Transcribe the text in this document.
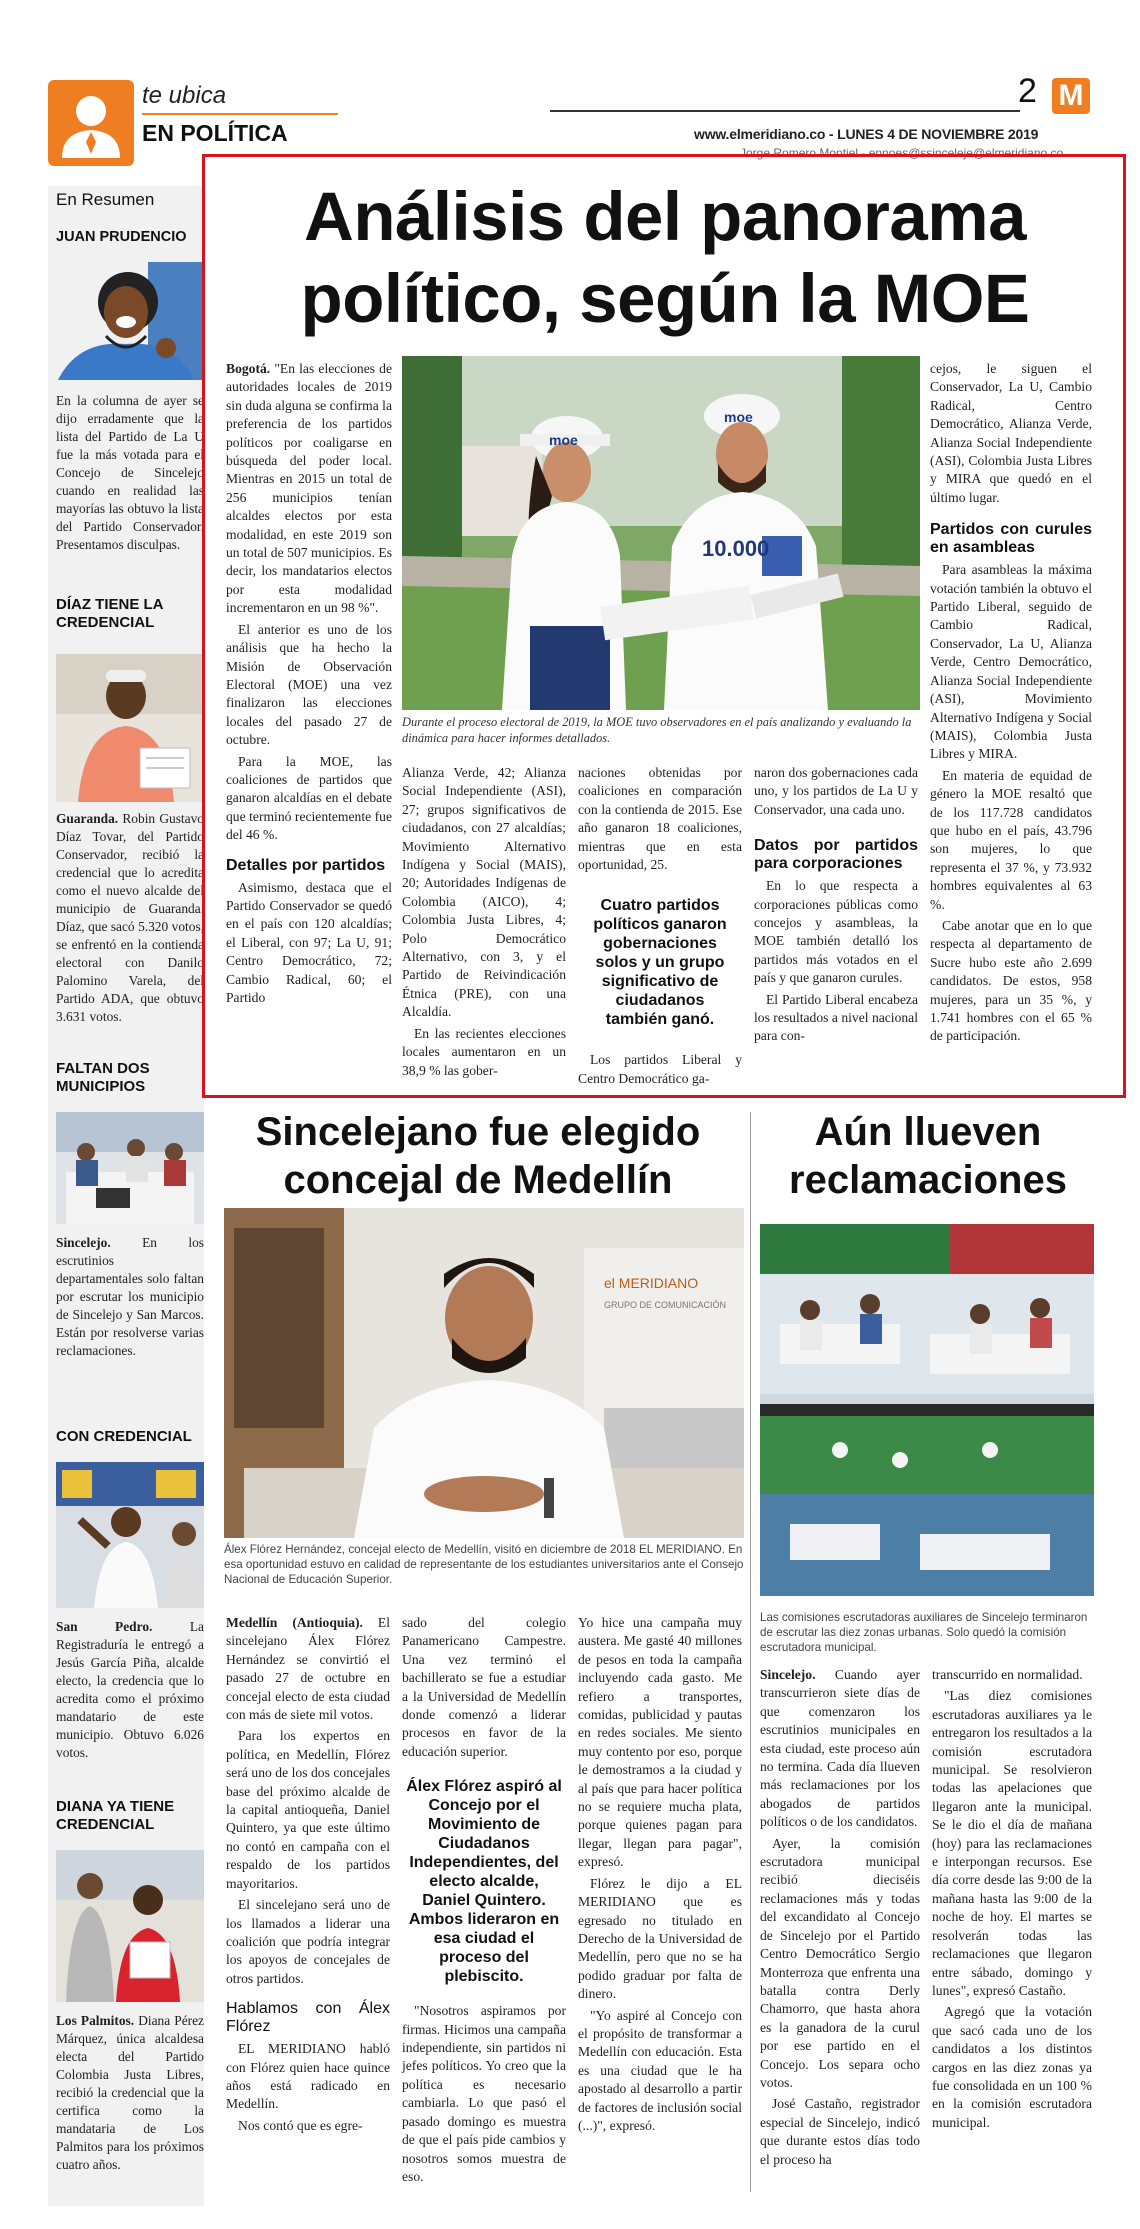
te ubica
EN POLÍTICA
2 M
www.elmeridiano.co - LUNES 4 DE NOVIEMBRE 2019
Jorge Romero Montiel - ennoes@ssinceleje@elmeridiano.co
En Resumen
JUAN PRUDENCIO
En la columna de ayer se dijo erradamente que la lista del Partido de La U fue la más votada para el Concejo de Sincelejo cuando en realidad las mayorías las obtuvo la lista del Partido Conservador. Presentamos disculpas.
DÍAZ TIENE LA CREDENCIAL
Guaranda. Robin Gustavo Díaz Tovar, del Partido Conservador, recibió la credencial que lo acredita como el nuevo alcalde del municipio de Guaranda. Díaz, que sacó 5.320 votos, se enfrentó en la contienda electoral con Danilo Palomino Varela, del Partido ADA, que obtuvo 3.631 votos.
FALTAN DOS MUNICIPIOS
Sincelejo. En los escrutinios departamentales solo faltan por escrutar los municipio de Sincelejo y San Marcos. Están por resolverse varias reclamaciones.
CON CREDENCIAL
San Pedro. La Registraduría le entregó a Jesús García Piña, alcalde electo, la credencia que lo acredita como el próximo mandatario de este municipio. Obtuvo 6.026 votos.
DIANA YA TIENE CREDENCIAL
Los Palmitos. Diana Pérez Márquez, única alcaldesa electa del Partido Colombia Justa Libres, recibió la credencial que la certifica como la mandataria de Los Palmitos para los próximos cuatro años.
Análisis del panorama
político, según la MOE
moe
moe
10.000
Durante el proceso electoral de 2019, la MOE tuvo observadores en el país analizando y evaluando la dinámica para hacer informes detallados.

Bogotá. "En las elecciones de autoridades locales de 2019 sin duda alguna se confirma la preferencia de los partidos políticos por coaligarse en búsqueda del poder local. Mientras en 2015 un total de 256 municipios tenían alcaldes electos por esta modalidad, en este 2019 son un total de 507 municipios. Es decir, los mandatarios electos por esta modalidad incrementaron en un 98 %".

El anterior es uno de los análisis que ha hecho la Misión de Observación Electoral (MOE) una vez finalizaron las elecciones locales del pasado 27 de octubre.

Para la MOE, las coaliciones de partidos que ganaron alcaldías en el debate que terminó recientemente fue del 46 %.

Detalles por partidos

Asimismo, destaca que el Partido Conservador se quedó en el país con 120 alcaldías; el Liberal, con 97; La U, 91; Centro Democrático, 72; Cambio Radical, 60; el Partido

Alianza Verde, 42; Alianza Social Independiente (ASI), 27; grupos significativos de ciudadanos, con 27 alcaldías; Movimiento Alternativo Indígena y Social (MAIS), 20; Autoridades Indígenas de Colombia (AICO), 4; Colombia Justa Libres, 4; Polo Democrático Alternativo, con 3, y el Partido de Reivindicación Étnica (PRE), con una Alcaldía.

En las recientes elecciones locales aumentaron en un 38,9 % las gober-

naciones obtenidas por coaliciones en comparación con la contienda de 2015. Ese año ganaron 18 coaliciones, mientras que en esta oportunidad, 25.

Cuatro partidos políticos ganaron gobernaciones solos y un grupo significativo de ciudadanos también ganó.

Los partidos Liberal y Centro Democrático ga-

naron dos gobernaciones cada uno, y los partidos de La U y Conservador, una cada uno.

Datos por partidos para corporaciones

En lo que respecta a corporaciones públicas como concejos y asambleas, la MOE también detalló los partidos más votados en el país y que ganaron curules.

El Partido Liberal encabeza los resultados a nivel nacional para con-

cejos, le siguen el Conservador, La U, Cambio Radical, Centro Democrático, Alianza Verde, Alianza Social Independiente (ASI), Colombia Justa Libres y MIRA que quedó en el último lugar.

Partidos con curules en asambleas

Para asambleas la máxima votación también la obtuvo el Partido Liberal, seguido de Cambio Radical, Conservador, La U, Alianza Verde, Centro Democrático, Alianza Social Independiente (ASI), Movimiento Alternativo Indígena y Social (MAIS), Colombia Justa Libres y MIRA.

En materia de equidad de género la MOE resaltó que de los 117.728 candidatos que hubo en el país, 43.796 son mujeres, lo que representa el 37 %, y 73.932 hombres equivalentes al 63 %.

Cabe anotar que en lo que respecta al departamento de Sucre hubo este año 2.699 candidatos. De estos, 958 mujeres, para un 35 %, y 1.741 hombres con el 65 % de participación.

Sincelejano fue elegido
concejal de Medellín
el MERIDIANO
GRUPO DE COMUNICACIÓN
Álex Flórez Hernández, concejal electo de Medellín, visitó en diciembre de 2018 EL MERIDIANO. En esa oportunidad estuvo en calidad de representante de los estudiantes universitarios ante el Consejo Nacional de Educación Superior.

Medellín (Antioquia). El sincelejano Álex Flórez Hernández se convirtió el pasado 27 de octubre en concejal electo de esta ciudad con más de siete mil votos.

Para los expertos en política, en Medellín, Flórez será uno de los dos concejales base del próximo alcalde de la capital antioqueña, Daniel Quintero, ya que este último no contó en campaña con el respaldo de los partidos mayoritarios.

El sincelejano será uno de los llamados a liderar una coalición que podría integrar los apoyos de concejales de otros partidos.

Hablamos con Álex Flórez

EL MERIDIANO habló con Flórez quien hace quince años está radicado en Medellín.

Nos contó que es egre-

sado del colegio Panamericano Campestre. Una vez terminó el bachillerato se fue a estudiar a la Universidad de Medellín donde comenzó a liderar procesos en favor de la educación superior.

Álex Flórez aspiró al Concejo por el Movimiento de Ciudadanos Independientes, del electo alcalde, Daniel Quintero. Ambos lideraron en esa ciudad el proceso del plebiscito.

"Nosotros aspiramos por firmas. Hicimos una campaña independiente, sin partidos ni jefes políticos. Yo creo que la política es necesario cambiarla. Lo que pasó el pasado domingo es muestra de que el país pide cambios y nosotros somos muestra de eso.

Yo hice una campaña muy austera. Me gasté 40 millones de pesos en toda la campaña incluyendo cada gasto. Me refiero a transportes, comidas, publicidad y pautas en redes sociales. Me siento muy contento por eso, porque le demostramos a la ciudad y al país que para hacer política no se requiere mucha plata, porque quienes pagan para llegar, llegan para pagar", expresó.

Flórez le dijo a EL MERIDIANO que es egresado no titulado en Derecho de la Universidad de Medellín, pero que no se ha podido graduar por falta de dinero.

"Yo aspiré al Concejo con el propósito de transformar a Medellín con educación. Esta es una ciudad que le ha apostado al desarrollo a partir de factores de inclusión social (...)", expresó.

Aún llueven
reclamaciones
Las comisiones escrutadoras auxiliares de Sincelejo terminaron de escrutar las diez zonas urbanas. Solo quedó la comisión escrutadora municipal.

Sincelejo. Cuando ayer transcurrieron siete días de que comenzaron los escrutinios municipales en esta ciudad, este proceso aún no termina. Cada día llueven más reclamaciones por los abogados de partidos políticos o de los candidatos.

Ayer, la comisión escrutadora municipal recibió dieciséis reclamaciones más y todas del excandidato al Concejo de Sincelejo por el Partido Centro Democrático Sergio Monterroza que enfrenta una batalla contra Derly Chamorro, que hasta ahora es la ganadora de la curul por ese partido en el Concejo. Los separa ocho votos.

José Castaño, registrador especial de Sincelejo, indicó que durante estos días todo el proceso ha

transcurrido en normalidad.

"Las diez comisiones escrutadoras auxiliares ya le entregaron los resultados a la comisión escrutadora municipal. Se resolvieron todas las apelaciones que llegaron ante la municipal. Se le dio el día de mañana (hoy) para las reclamaciones e interpongan recursos. Ese día corre desde las 9:00 de la mañana hasta las 9:00 de la noche de hoy. El martes se resolverán todas las reclamaciones que llegaron entre sábado, domingo y lunes", expresó Castaño.

Agregó que la votación que sacó cada uno de los candidatos a los distintos cargos en las diez zonas ya fue consolidada en un 100 % en la comisión escrutadora municipal.
